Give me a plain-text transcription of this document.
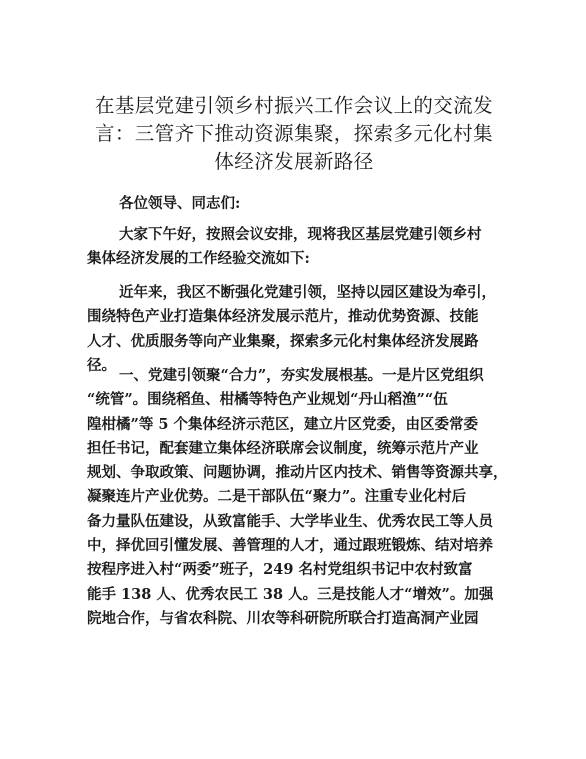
在基层党建引领乡村振兴工作会议上的交流发
言：三管齐下推动资源集聚，探索多元化村集
体经济发展新路径

各位领导、同志们:

大家下午好，按照会议安排，现将我区基层党建引领乡村
集体经济发展的工作经验交流如下:

近年来，我区不断强化党建引领，坚持以园区建设为牵引，
围绕特色产业打造集体经济发展示范片，推动优势资源、技能
人才、优质服务等向产业集聚，探索多元化村集体经济发展路
径。

一、党建引领聚“合力”，夯实发展根基。一是片区党组织
“统管”。围绕稻鱼、柑橘等特色产业规划“丹山稻渔”“伍
隍柑橘”等 5 个集体经济示范区，建立片区党委，由区委常委
担任书记，配套建立集体经济联席会议制度，统筹示范片产业
规划、争取政策、问题协调，推动片区内技术、销售等资源共享，
凝聚连片产业优势。二是干部队伍“聚力”。注重专业化村后
备力量队伍建设，从致富能手、大学毕业生、优秀农民工等人员
中，择优回引懂发展、善管理的人才，通过跟班锻炼、结对培养
按程序进入村“两委”班子，249 名村党组织书记中农村致富
能手 138 人、优秀农民工 38 人。三是技能人才“增效”。加强
院地合作，与省农科院、川农等科研院所联合打造高洞产业园
